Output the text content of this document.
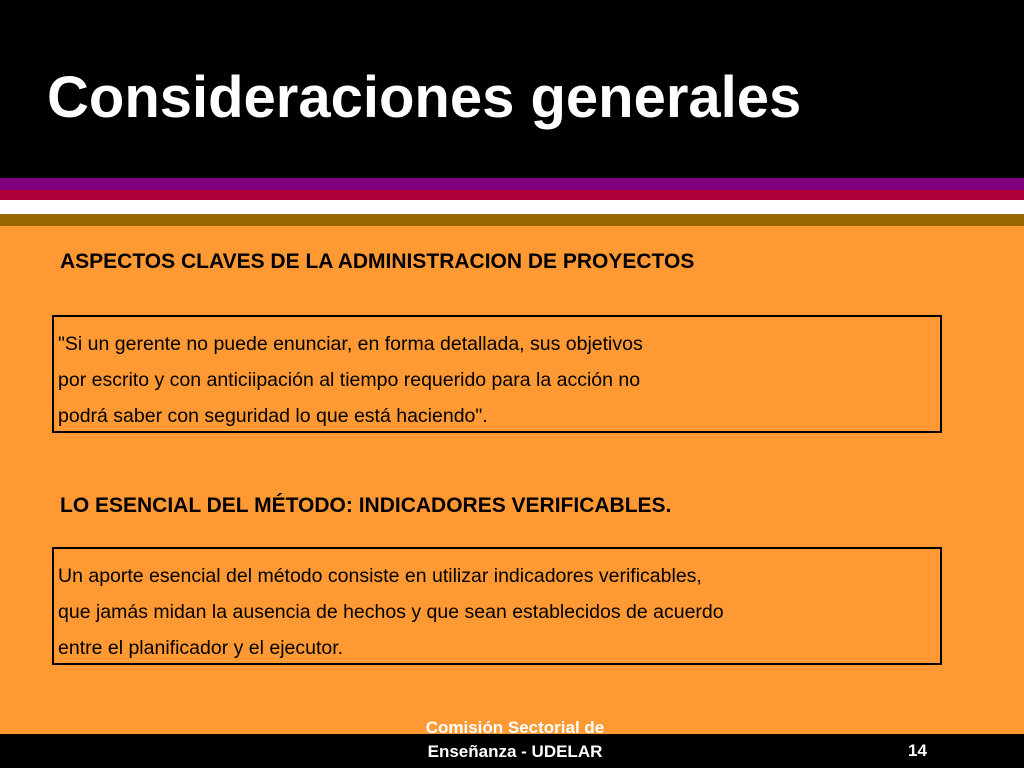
Consideraciones generales
ASPECTOS CLAVES DE LA ADMINISTRACION DE PROYECTOS
"Si un gerente no puede enunciar, en forma detallada, sus objetivos
por escrito y con anticiipación al tiempo requerido para la acción no
podrá saber con seguridad lo que está haciendo".
LO ESENCIAL DEL MÉTODO: INDICADORES VERIFICABLES.
Un aporte esencial del método consiste en utilizar indicadores verificables,
que jamás midan la ausencia de hechos y que sean establecidos de acuerdo
entre el planificador y el ejecutor.
Comisión Sectorial de
Enseñanza - UDELAR	14
